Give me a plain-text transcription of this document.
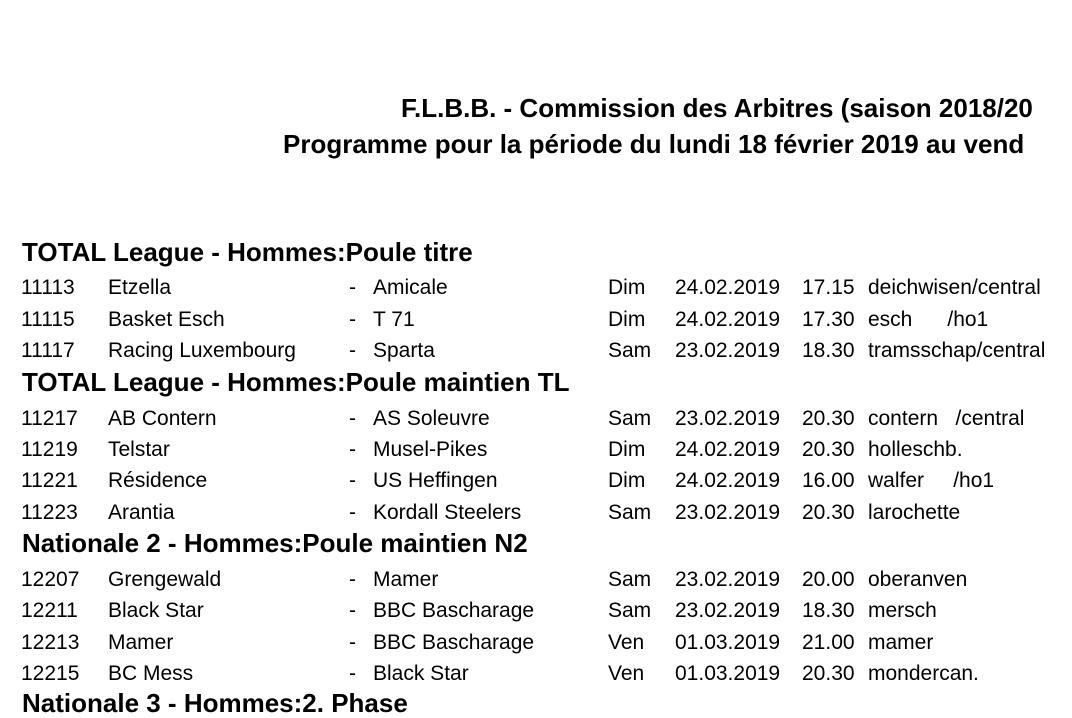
F.L.B.B. - Commission des Arbitres (saison 2018/20
Programme pour la période du lundi 18 février 2019 au vend
TOTAL League - Hommes:Poule titre
11113 Etzella	- Amicale	Dim 24.02.2019 17.15 deichwisen/central
11115 Basket Esch	- T 71	Dim 24.02.2019 17.30 esch      /ho1
11117 Racing Luxembourg	- Sparta	Sam 23.02.2019 18.30 tramsschap/central
TOTAL League - Hommes:Poule maintien TL
11217 AB Contern	- AS Soleuvre	Sam 23.02.2019 20.30 contern   /central
11219 Telstar	- Musel-Pikes	Dim 24.02.2019 20.30 holleschb.
11221 Résidence	- US Heffingen	Dim 24.02.2019 16.00 walfer     /ho1
11223 Arantia	- Kordall Steelers	Sam 23.02.2019 20.30 larochette
Nationale 2 - Hommes:Poule maintien N2
12207 Grengewald	- Mamer	Sam 23.02.2019 20.00 oberanven
12211 Black Star	- BBC Bascharage	Sam 23.02.2019 18.30 mersch
12213 Mamer	- BBC Bascharage	Ven 01.03.2019 21.00 mamer
12215 BC Mess	- Black Star	Ven 01.03.2019 20.30 mondercan.
Nationale 3 - Hommes:2. Phase
